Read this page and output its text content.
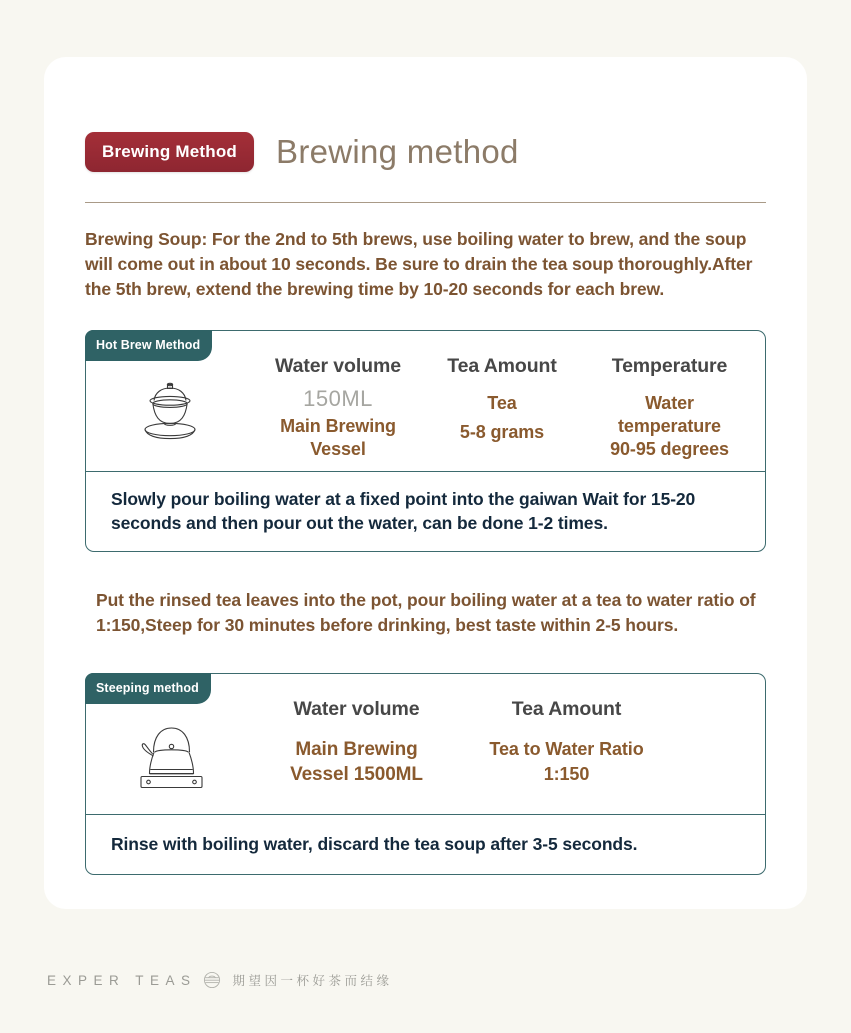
Brewing Method	Brewing method
Brewing Soup: For the 2nd to 5th brews, use boiling water to brew, and the soup will come out in about 10 seconds. Be sure to drain the tea soup thoroughly.After the 5th brew, extend the brewing time by 10-20 seconds for each brew.
Hot Brew Method
Water volume
150ML
Main Brewing
Vessel
Tea Amount
Tea
5-8 grams
Temperature
Water
temperature
90-95 degrees
Slowly pour boiling water at a fixed point into the gaiwan Wait for 15-20 seconds and then pour out the water, can be done 1-2 times.
Put the rinsed tea leaves into the pot, pour boiling water at a tea to water ratio of 1:150,Steep for 30 minutes before drinking, best taste within 2-5 hours.
Steeping method
Water volume
Main Brewing
Vessel 1500ML
Tea Amount
Tea to Water Ratio
1:150
Rinse with boiling water, discard the tea soup after 3-5 seconds.
EXPER TEAS	期望因一杯好茶而结缘
